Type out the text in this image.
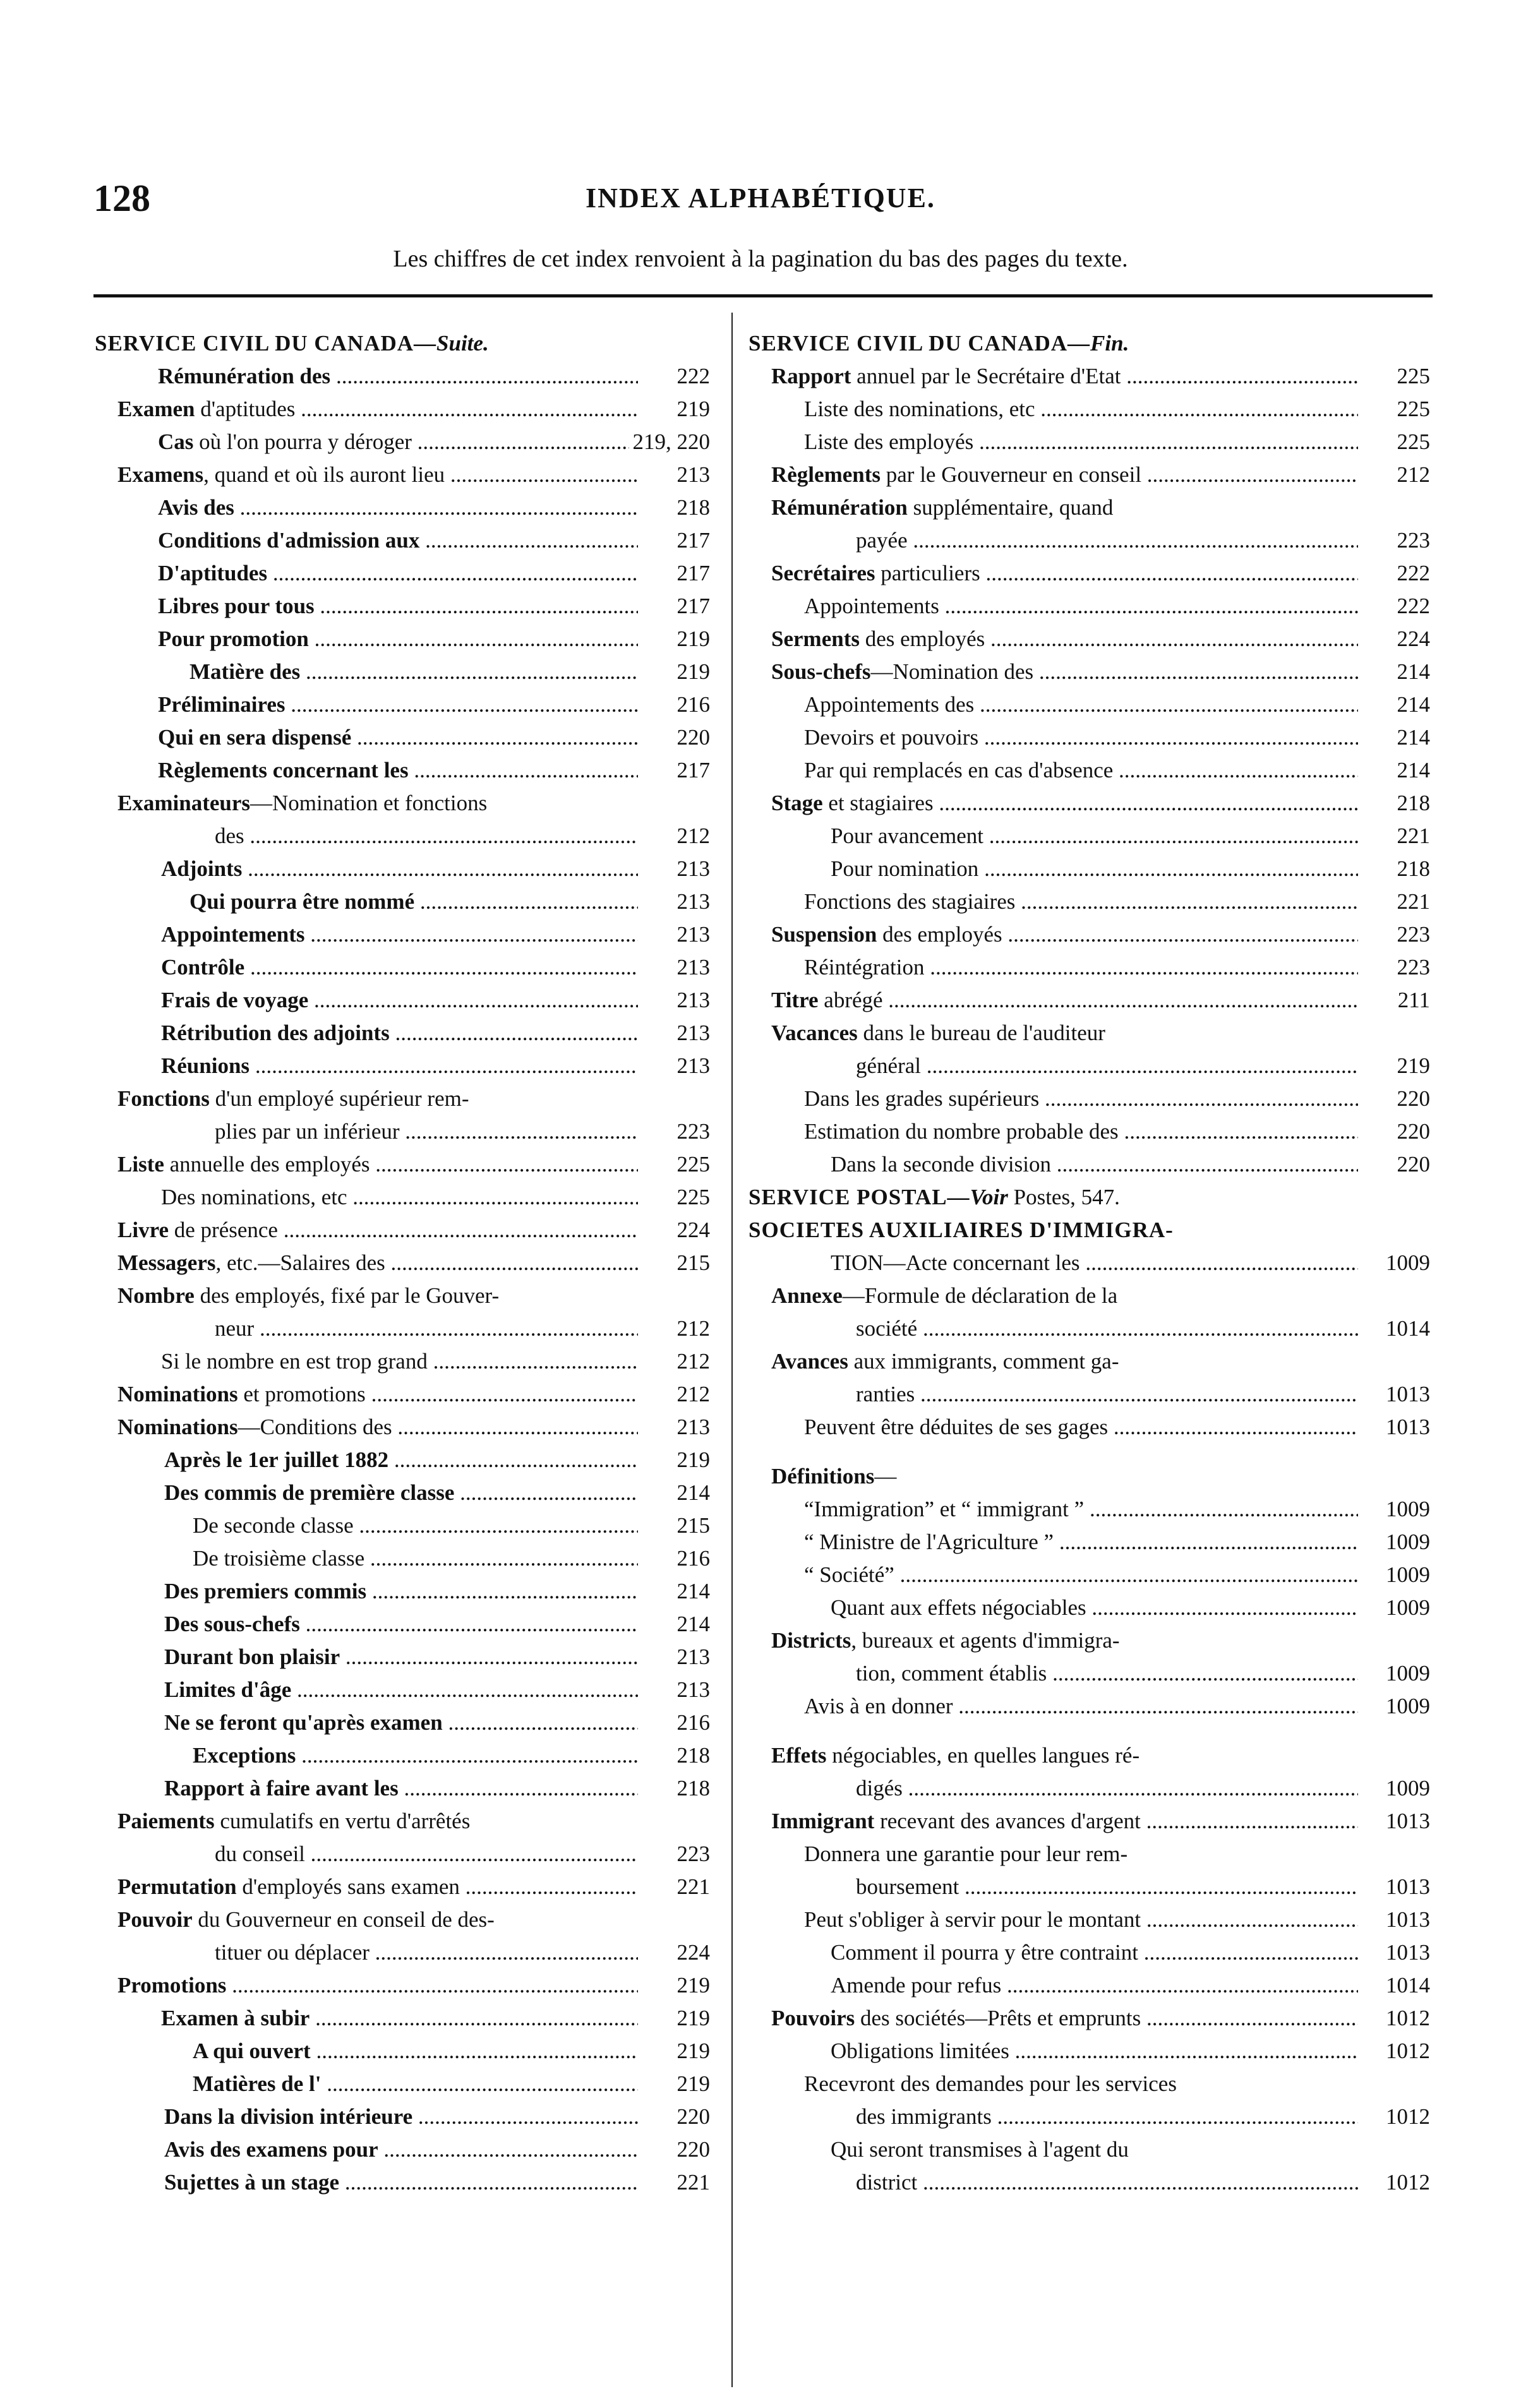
128	INDEX ALPHABÉTIQUE.
Les chiffres de cet index renvoient à la pagination du bas des pages du texte.
SERVICE CIVIL DU CANADA—Suite.
Rémunération des .....	222
Examen d'aptitudes .....	219
Cas où l'on pourra y déroger .....	219, 220
Examens, quand et où ils auront lieu .....	213
Avis des .....	218
Conditions d'admission aux .....	217
D'aptitudes .....	217
Libres pour tous .....	217
Pour promotion .....	219
Matière des .....	219
Préliminaires .....	216
Qui en sera dispensé .....	220
Règlements concernant les .....	217
Examinateurs—Nomination et fonctions
des .....	212
Adjoints .....	213
Qui pourra être nommé .....	213
Appointements .....	213
Contrôle .....	213
Frais de voyage .....	213
Rétribution des adjoints .....	213
Réunions .....	213
Fonctions d'un employé supérieur rem-
plies par un inférieur .....	223
Liste annuelle des employés .....	225
Des nominations, etc .....	225
Livre de présence .....	224
Messagers, etc.—Salaires des .....	215
Nombre des employés, fixé par le Gouver-
neur .....	212
Si le nombre en est trop grand .....	212
Nominations et promotions .....	212
Nominations—Conditions des .....	213
Après le 1er juillet 1882 .....	219
Des commis de première classe .....	214
De seconde classe .....	215
De troisième classe .....	216
Des premiers commis .....	214
Des sous-chefs .....	214
Durant bon plaisir .....	213
Limites d'âge .....	213
Ne se feront qu'après examen .....	216
Exceptions .....	218
Rapport à faire avant les .....	218
Paiements cumulatifs en vertu d'arrêtés
du conseil .....	223
Permutation d'employés sans examen .....	221
Pouvoir du Gouverneur en conseil de des-
tituer ou déplacer .....	224
Promotions .....	219
Examen à subir .....	219
A qui ouvert .....	219
Matières de l' .....	219
Dans la division intérieure .....	220
Avis des examens pour .....	220
Sujettes à un stage .....	221
SERVICE CIVIL DU CANADA—Fin.
Rapport annuel par le Secrétaire d'Etat .....	225
Liste des nominations, etc .....	225
Liste des employés .....	225
Règlements par le Gouverneur en conseil .....	212
Rémunération supplémentaire, quand
payée .....	223
Secrétaires particuliers .....	222
Appointements .....	222
Serments des employés .....	224
Sous-chefs—Nomination des .....	214
Appointements des .....	214
Devoirs et pouvoirs .....	214
Par qui remplacés en cas d'absence .....	214
Stage et stagiaires .....	218
Pour avancement .....	221
Pour nomination .....	218
Fonctions des stagiaires .....	221
Suspension des employés .....	223
Réintégration .....	223
Titre abrégé .....	211
Vacances dans le bureau de l'auditeur
général .....	219
Dans les grades supérieurs .....	220
Estimation du nombre probable des .....	220
Dans la seconde division .....	220
SERVICE POSTAL—Voir Postes, 547.
SOCIETES AUXILIAIRES D'IMMIGRA-
TION—Acte concernant les .....	1009
Annexe—Formule de déclaration de la
société .....	1014
Avances aux immigrants, comment ga-
ranties .....	1013
Peuvent être déduites de ses gages .....	1013
Définitions—
“Immigration” et “ immigrant ” .....	1009
“ Ministre de l'Agriculture ” .....	1009
“ Société” .....	1009
Quant aux effets négociables .....	1009
Districts, bureaux et agents d'immigra-
tion, comment établis .....	1009
Avis à en donner .....	1009
Effets négociables, en quelles langues ré-
digés .....	1009
Immigrant recevant des avances d'argent .....	1013
Donnera une garantie pour leur rem-
boursement .....	1013
Peut s'obliger à servir pour le montant .....	1013
Comment il pourra y être contraint .....	1013
Amende pour refus .....	1014
Pouvoirs des sociétés—Prêts et emprunts .....	1012
Obligations limitées .....	1012
Recevront des demandes pour les services
des immigrants .....	1012
Qui seront transmises à l'agent du
district .....	1012
